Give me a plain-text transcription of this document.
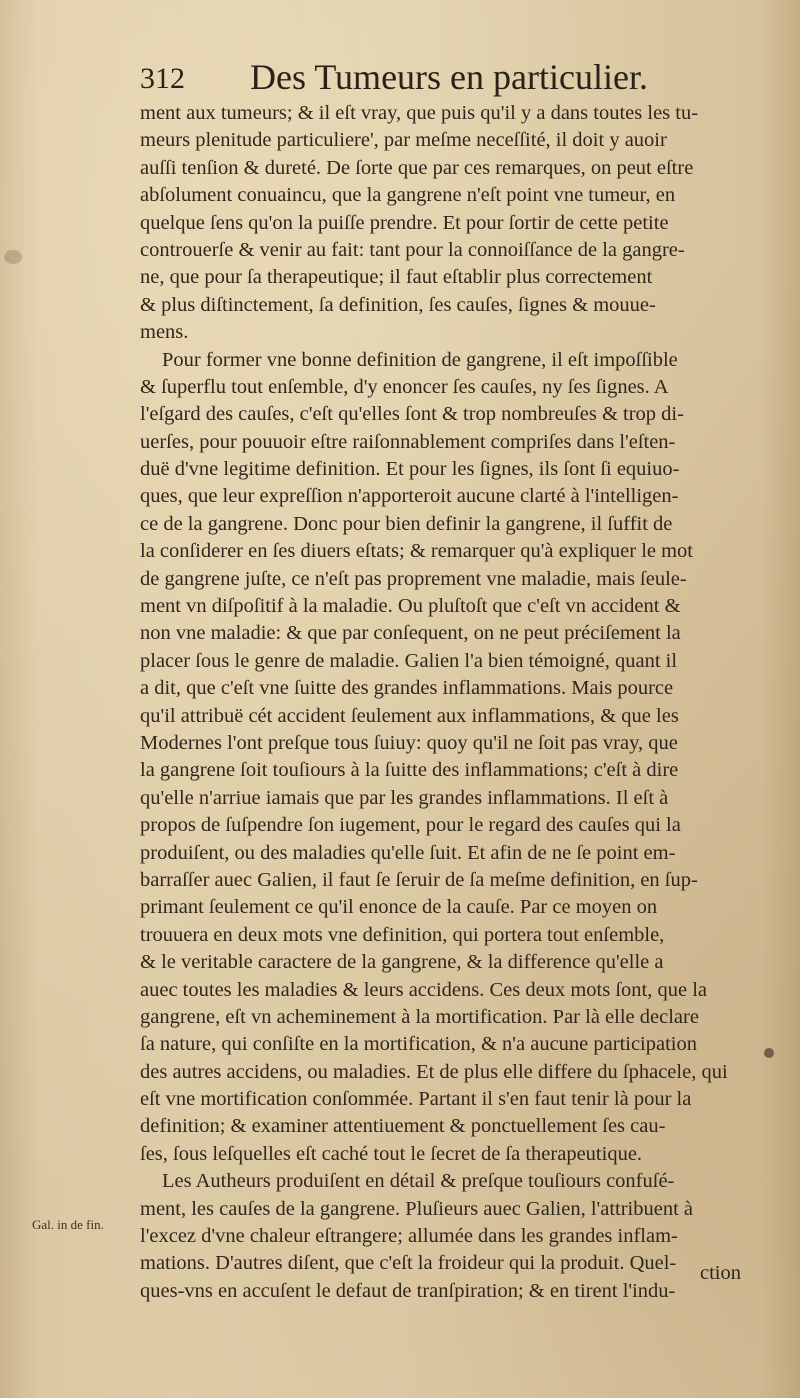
312 Des Tumeurs en particulier.
ment aux tumeurs; & il eſt vray, que puis qu'il y a dans toutes les tu-
meurs plenitude particuliere', par meſme neceſſité, il doit y auoir
auſſi tenſion & dureté. De ſorte que par ces remarques, on peut eſtre
abſolument conuaincu, que la gangrene n'eſt point vne tumeur, en
quelque ſens qu'on la puiſſe prendre. Et pour ſortir de cette petite
controuerſe & venir au fait: tant pour la connoiſſance de la gangre-
ne, que pour ſa therapeutique; il faut eſtablir plus correctement
& plus diſtinctement, ſa definition, ſes cauſes, ſignes & mouue-
mens.
Pour former vne bonne definition de gangrene, il eſt impoſſible
& ſuperflu tout enſemble, d'y enoncer ſes cauſes, ny ſes ſignes. A
l'eſgard des cauſes, c'eſt qu'elles ſont & trop nombreuſes & trop di-
uerſes, pour pouuoir eſtre raiſonnablement compriſes dans l'eſten-
duë d'vne legitime definition. Et pour les ſignes, ils ſont ſi equiuo-
ques, que leur expreſſion n'apporteroit aucune clarté à l'intelligen-
ce de la gangrene. Donc pour bien definir la gangrene, il ſuffit de
la conſiderer en ſes diuers eſtats; & remarquer qu'à expliquer le mot
de gangrene juſte, ce n'eſt pas proprement vne maladie, mais ſeule-
ment vn diſpoſitif à la maladie. Ou pluſtoſt que c'eſt vn accident &
non vne maladie: & que par conſequent, on ne peut préciſement la
placer ſous le genre de maladie. Galien l'a bien témoigné, quant il
a dit, que c'eſt vne ſuitte des grandes inflammations. Mais pource
qu'il attribuë cét accident ſeulement aux inflammations, & que les
Modernes l'ont preſque tous ſuiuy: quoy qu'il ne ſoit pas vray, que
la gangrene ſoit touſiours à la ſuitte des inflammations; c'eſt à dire
qu'elle n'arriue iamais que par les grandes inflammations. Il eſt à
propos de ſuſpendre ſon iugement, pour le regard des cauſes qui la
produiſent, ou des maladies qu'elle ſuit. Et afin de ne ſe point em-
barraſſer auec Galien, il faut ſe ſeruir de ſa meſme definition, en ſup-
primant ſeulement ce qu'il enonce de la cauſe. Par ce moyen on
trouuera en deux mots vne definition, qui portera tout enſemble,
& le veritable caractere de la gangrene, & la difference qu'elle a
auec toutes les maladies & leurs accidens. Ces deux mots ſont, que la
gangrene, eſt vn acheminement à la mortification. Par là elle declare
ſa nature, qui conſiſte en la mortification, & n'a aucune participation
des autres accidens, ou maladies. Et de plus elle differe du ſphacele, qui
eſt vne mortification conſommée. Partant il s'en faut tenir là pour la
definition; & examiner attentiuement & ponctuellement ſes cau-
ſes, ſous leſquelles eſt caché tout le ſecret de ſa therapeutique.
Les Autheurs produiſent en détail & preſque touſiours confuſé-
ment, les cauſes de la gangrene. Pluſieurs auec Galien, l'attribuent à
l'excez d'vne chaleur eſtrangere; allumée dans les grandes inflam-
mations. D'autres diſent, que c'eſt la froideur qui la produit. Quel-
ques-vns en accuſent le defaut de tranſpiration; & en tirent l'indu-
Gal. in de fin.
ction
